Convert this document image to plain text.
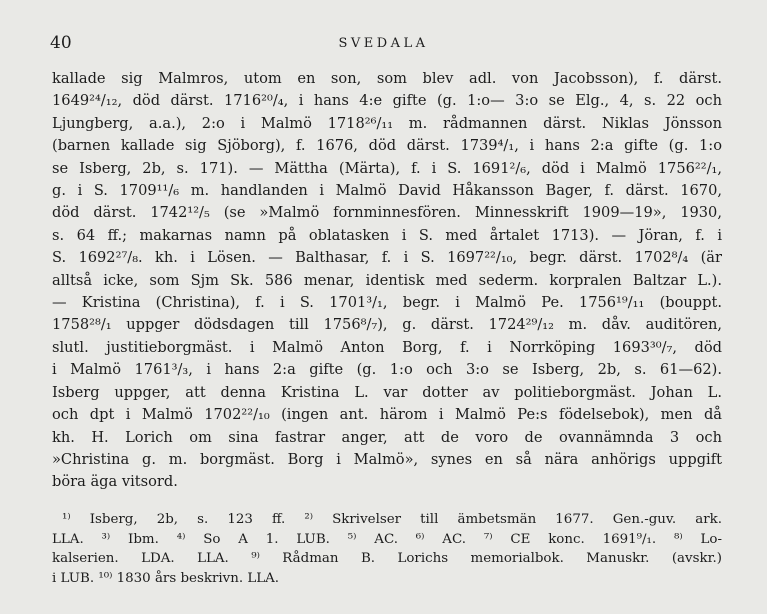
40	SVEDALA
kallade sig Malmros, utom en son, som blev adl. von Jacobsson), f. därst.
1649²⁴/₁₂, död därst. 1716²⁰/₄, i hans 4:e gifte (g. 1:o— 3:o se Elg., 4, s. 22 och
Ljungberg, a.a.), 2:o i Malmö 1718²⁶/₁₁ m. rådmannen därst. Niklas Jönsson
(barnen kallade sig Sjöborg), f. 1676, död därst. 1739⁴/₁, i hans 2:a gifte (g. 1:o
se Isberg, 2b, s. 171). — Mättha (Märta), f. i S. 1691²/₆, död i Malmö 1756²²/₁,
g. i S. 1709¹¹/₆ m. handlanden i Malmö David Håkansson Bager, f. därst. 1670,
död därst. 1742¹²/₅ (se »Malmö fornminnesfören. Minnesskrift 1909—19», 1930,
s. 64 ff.; makarnas namn på oblatasken i S. med årtalet 1713). — Jöran, f. i
S. 1692²⁷/₈. kh. i Lösen. — Balthasar, f. i S. 1697²²/₁₀, begr. därst. 1702⁸/₄ (är
alltså icke, som Sjm Sk. 586 menar, identisk med sederm. korpralen Baltzar L.).
— Kristina (Christina), f. i S. 1701³/₁, begr. i Malmö Pe. 1756¹⁹/₁₁ (bouppt.
1758²⁸/₁ uppger dödsdagen till 1756⁸/₇), g. därst. 1724²⁹/₁₂ m. dåv. auditören,
slutl. justitieborgmäst. i Malmö Anton Borg, f. i Norrköping 1693³⁰/₇, död
i Malmö 1761³/₃, i hans 2:a gifte (g. 1:o och 3:o se Isberg, 2b, s. 61—62).
Isberg uppger, att denna Kristina L. var dotter av politieborgmäst. Johan L.
och dpt i Malmö 1702²²/₁₀ (ingen ant. härom i Malmö Pe:s födelsebok), men då
kh. H. Lorich om sina fastrar anger, att de voro de ovannämnda 3 och
»Christina g. m. borgmäst. Borg i Malmö», synes en så nära anhörigs uppgift
böra äga vitsord.
¹⁾ Isberg, 2b, s. 123 ff. ²⁾ Skrivelser till ämbetsmän 1677. Gen.-guv. ark.
LLA. ³⁾ Ibm. ⁴⁾ So A 1. LUB. ⁵⁾ AC. ⁶⁾ AC. ⁷⁾ CE konc. 1691⁹/₁. ⁸⁾ Lo-
kalserien. LDA. LLA. ⁹⁾ Rådman B. Lorichs memorialbok. Manuskr. (avskr.)
i LUB. ¹⁰⁾ 1830 års beskrivn. LLA.
